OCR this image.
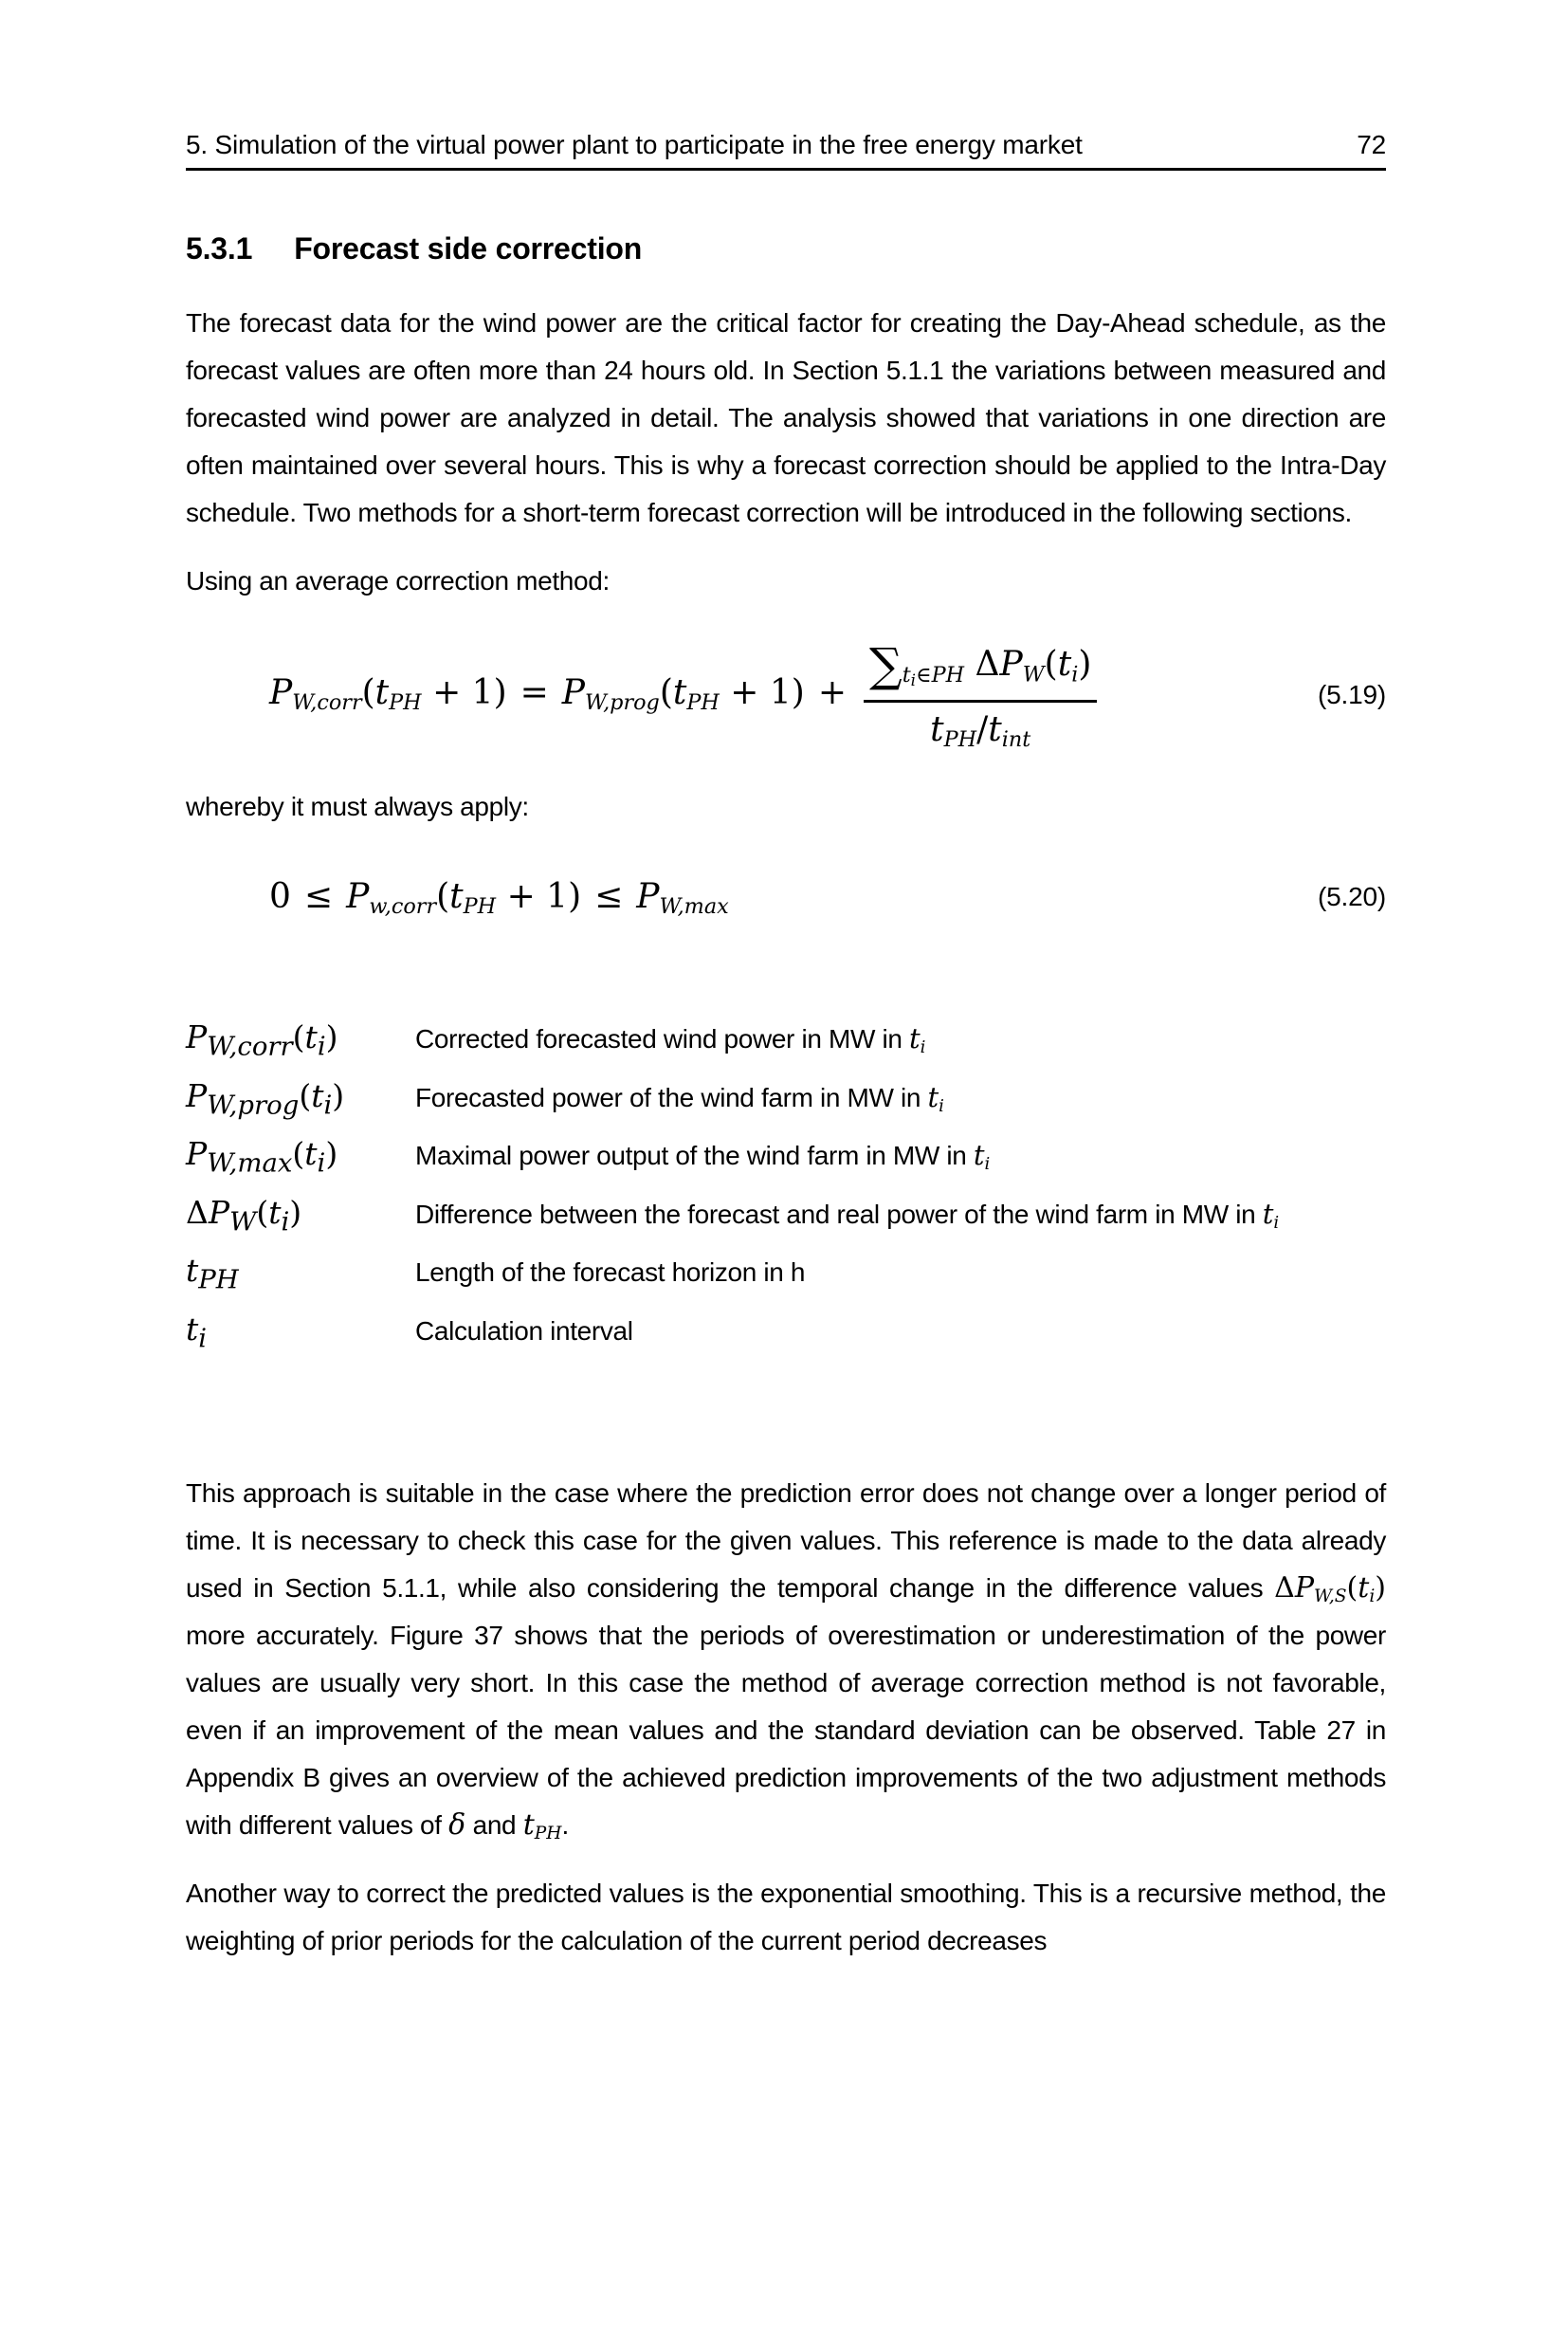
5. Simulation of the virtual power plant to participate in the free energy market	72
5.3.1 Forecast side correction

The forecast data for the wind power are the critical factor for creating the Day-Ahead schedule, as the forecast values are often more than 24 hours old. In Section 5.1.1 the variations between measured and forecasted wind power are analyzed in detail. The analysis showed that variations in one direction are often maintained over several hours. This is why a forecast correction should be applied to the Intra-Day schedule. Two methods for a short-term forecast correction will be introduced in the following sections.

Using an average correction method:

$P_{W,corr}(t_{PH} + 1) = P_{W,prog}(t_{PH} + 1) + \frac{\sum_{t_i\in PH} \Delta P_W(t_i)}{t_{PH}/t_{int}}$	(5.19)

whereby it must always apply:

$0 \le P_{w,corr}(t_{PH} + 1) \le P_{W,max}$	(5.20)
$P_{W,corr}(t_i)$	Corrected forecasted wind power in MW in $t_i$
$P_{W,prog}(t_i)$	Forecasted power of the wind farm in MW in $t_i$
$P_{W,max}(t_i)$	Maximal power output of the wind farm in MW in $t_i$
$\Delta P_W(t_i)$	Difference between the forecast and real power of the wind farm in MW in $t_i$
$t_{PH}$	Length of the forecast horizon in h
$t_i$	Calculation interval

This approach is suitable in the case where the prediction error does not change over a longer period of time. It is necessary to check this case for the given values. This reference is made to the data already used in Section 5.1.1, while also considering the temporal change in the difference values $\Delta P_{W,S}(t_i)$ more accurately. Figure 37 shows that the periods of overestimation or underestimation of the power values are usually very short. In this case the method of average correction method is not favorable, even if an improvement of the mean values and the standard deviation can be observed. Table 27 in Appendix B gives an overview of the achieved prediction improvements of the two adjustment methods with different values of δ and $t_{PH}$.

Another way to correct the predicted values is the exponential smoothing. This is a recursive method, the weighting of prior periods for the calculation of the current period decreases
